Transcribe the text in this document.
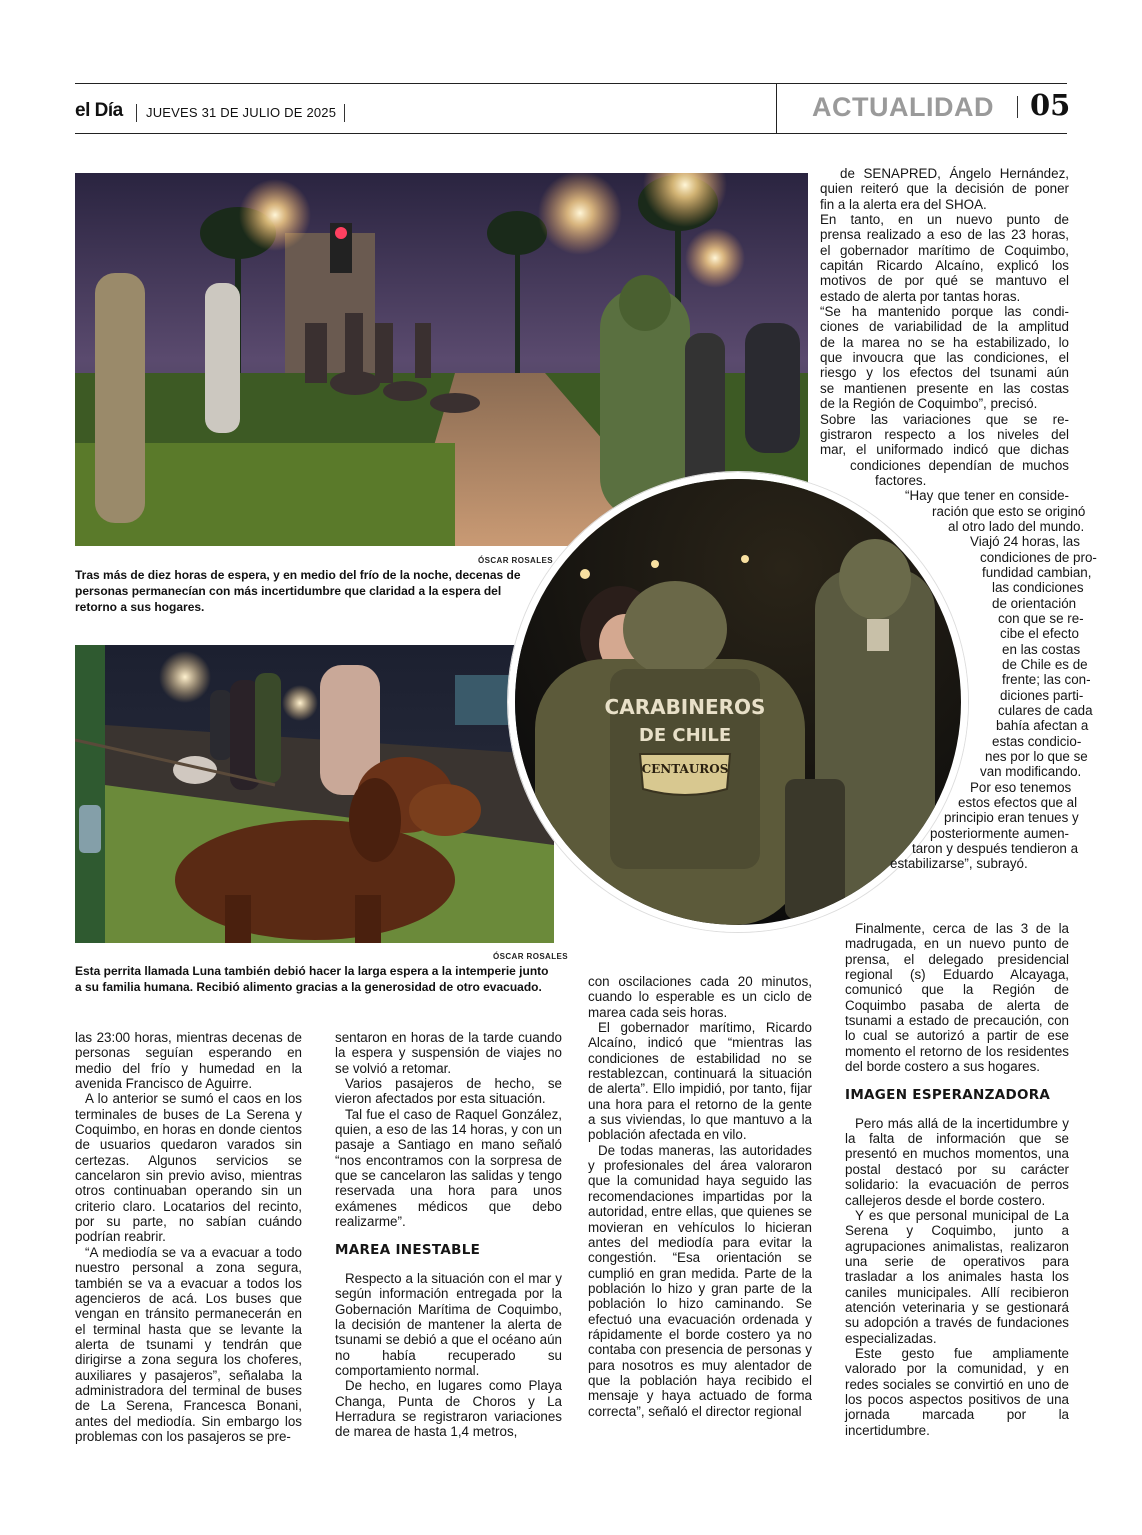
el Día	JUEVES 31 DE JULIO DE 2025	ACTUALIDAD 05
ÓSCAR ROSALES
Tras más de diez horas de espera, y en medio del frío de la noche, decenas de personas permanecían con más incertidumbre que claridad a la espera del retorno a sus hogares.
ÓSCAR ROSALES
Esta perrita llamada Luna también debió hacer la larga espera a la intemperie junto a su familia humana. Recibió alimento gracias a la generosidad de otro evacuado.
CARABINEROS
DE CHILE
CENTAUROS
de SENAPRED, Ángelo Hernández,
quien reiteró que la decisión de poner
fin a la alerta era del SHOA.
En tanto, en un nuevo punto de
prensa realizado a eso de las 23 horas,
el gobernador marítimo de Coquimbo,
capitán Ricardo Alcaíno, explicó los
motivos de por qué se mantuvo el
estado de alerta por tantas horas.
“Se ha mantenido porque las condi-
ciones de variabilidad de la amplitud
de la marea no se ha estabilizado, lo
que invoucra que las condiciones, el
riesgo y los efectos del tsunami aún
se mantienen presente en las costas
de la Región de Coquimbo”, precisó.
Sobre las variaciones que se re-
gistraron respecto a los niveles del
mar, el uniformado indicó que dichas
condiciones dependían de muchos
factores.
“Hay que tener en conside-
ración que esto se originó
al otro lado del mundo.
Viajó 24 horas, las
condiciones de pro-
fundidad cambian,
las condiciones
de orientación
con que se re-
cibe el efecto
en las costas
de Chile es de
frente; las con-
diciones parti-
culares de cada
bahía afectan a
estas condicio-
nes por lo que se
van modificando.
Por eso tenemos
estos efectos que al
principio eran tenues y
posteriormente aumen-
taron y después tendieron a
estabilizarse”, subrayó.

las 23:00 horas, mientras decenas de personas seguían esperando en medio del frío y humedad en la avenida Francisco de Aguirre.

A lo anterior se sumó el caos en los terminales de buses de La Serena y Coquimbo, en horas en donde cientos de usuarios quedaron varados sin certezas. Algunos servicios se cancelaron sin previo aviso, mientras otros continuaban operando sin un criterio claro. Locatarios del recinto, por su parte, no sabían cuándo podrían reabrir.

“A mediodía se va a evacuar a todo nuestro personal a zona segura, también se va a evacuar a todos los agencieros de acá. Los buses que vengan en tránsito permanecerán en el terminal hasta que se levante la alerta de tsunami y tendrán que dirigirse a zona segura los choferes, auxiliares y pasajeros”, señalaba la administradora del terminal de buses de La Serena, Francesca Bonani, antes del mediodía. Sin embargo los problemas con los pasajeros se pre-

sentaron en horas de la tarde cuando la espera y suspensión de viajes no se volvió a retomar.

Varios pasajeros de hecho, se vieron afectados por esta situación.

Tal fue el caso de Raquel González, quien, a eso de las 14 horas, y con un pasaje a Santiago en mano señaló “nos encontramos con la sorpresa de que se cancelaron las salidas y tengo reservada una hora para unos exámenes médicos que debo realizarme”.

MAREA INESTABLE

Respecto a la situación con el mar y según información entregada por la Gobernación Marítima de Coquimbo, la decisión de mantener la alerta de tsunami se debió a que el océano aún no había recuperado su comportamiento normal.

De hecho, en lugares como Playa Changa, Punta de Choros y La Herradura se registraron variaciones de marea de hasta 1,4 metros,

con oscilaciones cada 20 minutos, cuando lo esperable es un ciclo de marea cada seis horas.

El gobernador marítimo, Ricardo Alcaíno, indicó que “mientras las condiciones de estabilidad no se restablezcan, continuará la situación de alerta”. Ello impidió, por tanto, fijar una hora para el retorno de la gente a sus viviendas, lo que mantuvo a la población afectada en vilo.

De todas maneras, las autoridades y profesionales del área valoraron que la comunidad haya seguido las recomendaciones impartidas por la autoridad, entre ellas, que quienes se movieran en vehículos lo hicieran antes del mediodía para evitar la congestión. “Esa orientación se cumplió en gran medida. Parte de la población lo hizo y gran parte de la población lo hizo caminando. Se efectuó una evacuación ordenada y rápidamente el borde costero ya no contaba con presencia de personas y para nosotros es muy alentador de que la población haya recibido el mensaje y haya actuado de forma correcta”, señaló el director regional

Finalmente, cerca de las 3 de la madrugada, en un nuevo punto de prensa, el delegado presidencial regional (s) Eduardo Alcayaga, comunicó que la Región de Coquimbo pasaba de alerta de tsunami a estado de precaución, con lo cual se autorizó a partir de ese momento el retorno de los residentes del borde costero a sus hogares.

IMAGEN ESPERANZADORA

Pero más allá de la incertidumbre y la falta de información que se presentó en muchos momentos, una postal destacó por su carácter solidario: la evacuación de perros callejeros desde el borde costero.

Y es que personal municipal de La Serena y Coquimbo, junto a agrupaciones animalistas, realizaron una serie de operativos para trasladar a los animales hasta los caniles municipales. Allí recibieron atención veterinaria y se gestionará su adopción a través de fundaciones especializadas.

Este gesto fue ampliamente valorado por la comunidad, y en redes sociales se convirtió en uno de los pocos aspectos positivos de una jornada marcada por la incertidumbre.
